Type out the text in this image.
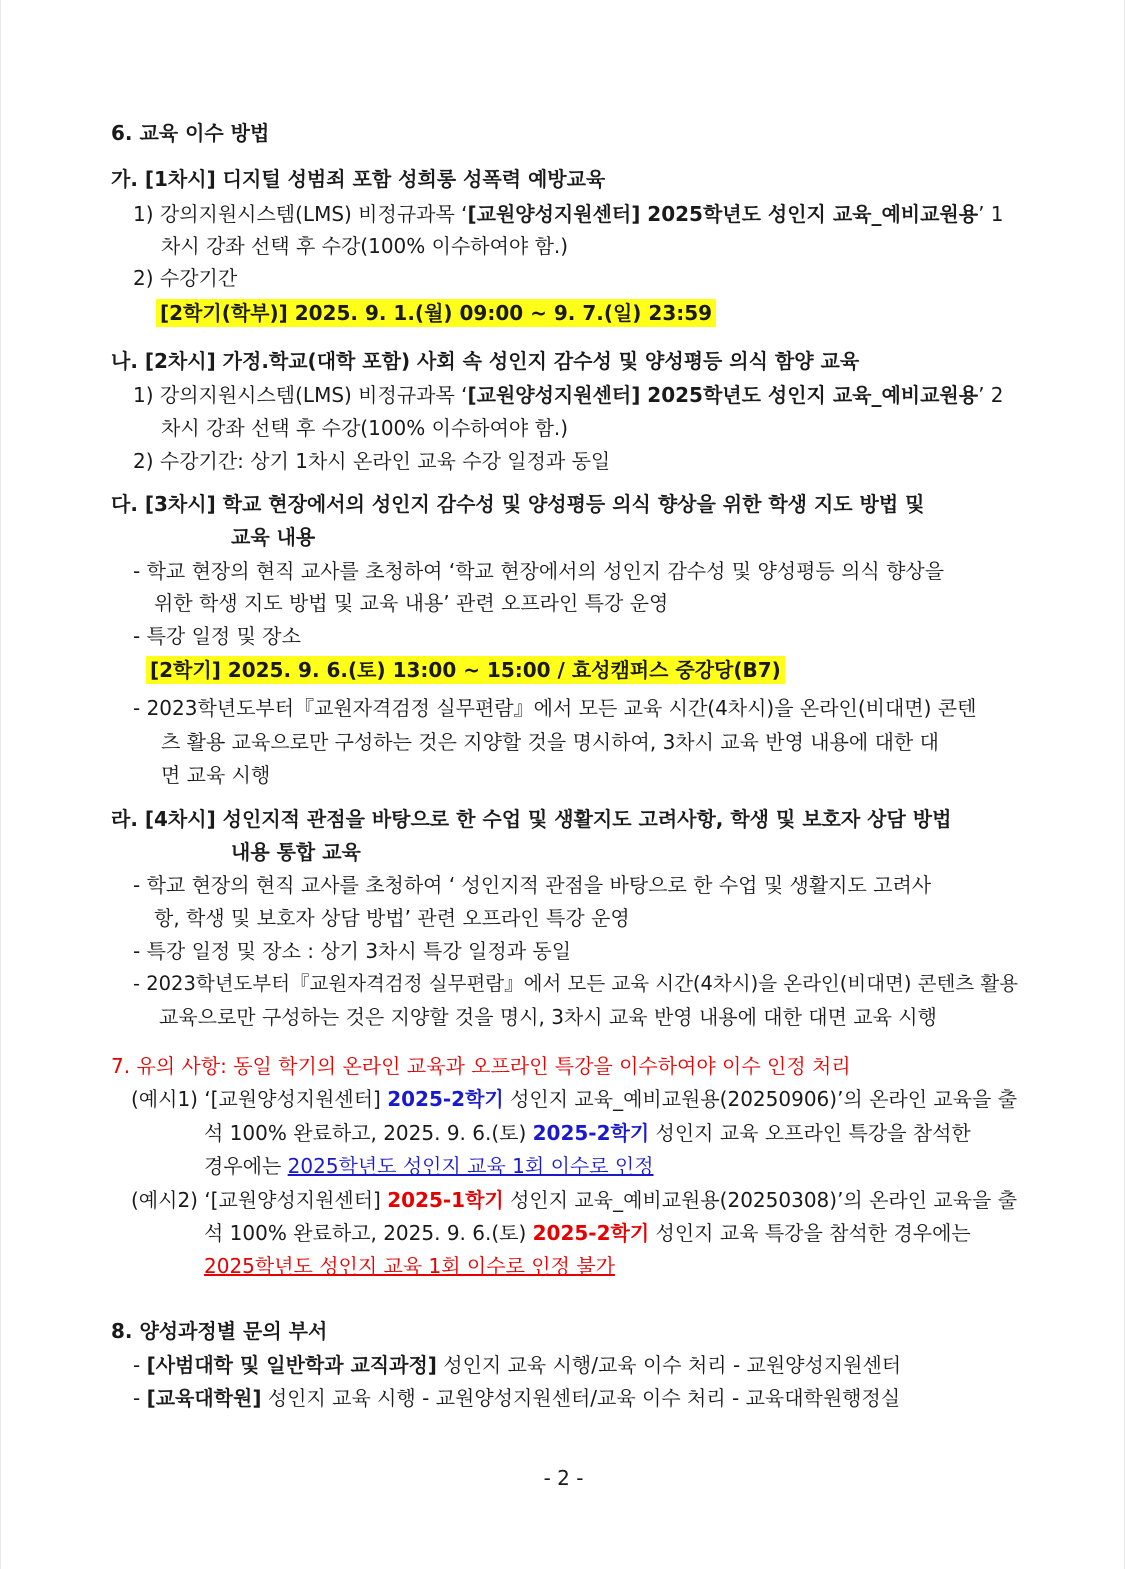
6. 교육 이수 방법
가. [1차시] 디지털 성범죄 포함 성희롱 성폭력 예방교육
1) 강의지원시스템(LMS) 비정규과목 ‘[교원양성지원센터] 2025학년도 성인지 교육_예비교원용’ 1
차시 강좌 선택 후 수강(100% 이수하여야 함.)
2) 수강기간
[2학기(학부)] 2025. 9. 1.(월) 09:00 ~ 9. 7.(일) 23:59
나. [2차시] 가정.학교(대학 포함) 사회 속 성인지 감수성 및 양성평등 의식 함양 교육
1) 강의지원시스템(LMS) 비정규과목 ‘[교원양성지원센터] 2025학년도 성인지 교육_예비교원용’ 2
차시 강좌 선택 후 수강(100% 이수하여야 함.)
2) 수강기간: 상기 1차시 온라인 교육 수강 일정과 동일
다. [3차시] 학교 현장에서의 성인지 감수성 및 양성평등 의식 향상을 위한 학생 지도 방법 및
교육 내용
- 학교 현장의 현직 교사를 초청하여 ‘학교 현장에서의 성인지 감수성 및 양성평등 의식 향상을
위한 학생 지도 방법 및 교육 내용’ 관련 오프라인 특강 운영
- 특강 일정 및 장소
[2학기] 2025. 9. 6.(토) 13:00 ~ 15:00 / 효성캠퍼스 중강당(B7)
- 2023학년도부터『교원자격검정 실무편람』에서 모든 교육 시간(4차시)을 온라인(비대면) 콘텐
츠 활용 교육으로만 구성하는 것은 지양할 것을 명시하여, 3차시 교육 반영 내용에 대한 대
면 교육 시행
라. [4차시] 성인지적 관점을 바탕으로 한 수업 및 생활지도 고려사항, 학생 및 보호자 상담 방법
내용 통합 교육
- 학교 현장의 현직 교사를 초청하여 ‘ 성인지적 관점을 바탕으로 한 수업 및 생활지도 고려사
항, 학생 및 보호자 상담 방법’ 관련 오프라인 특강 운영
- 특강 일정 및 장소 : 상기 3차시 특강 일정과 동일
- 2023학년도부터『교원자격검정 실무편람』에서 모든 교육 시간(4차시)을 온라인(비대면) 콘텐츠 활용
교육으로만 구성하는 것은 지양할 것을 명시, 3차시 교육 반영 내용에 대한 대면 교육 시행
7. 유의 사항: 동일 학기의 온라인 교육과 오프라인 특강을 이수하여야 이수 인정 처리
(예시1) ‘[교원양성지원센터] 2025-2학기 성인지 교육_예비교원용(20250906)’의 온라인 교육을 출
석 100% 완료하고, 2025. 9. 6.(토) 2025-2학기 성인지 교육 오프라인 특강을 참석한
경우에는 2025학년도 성인지 교육 1회 이수로 인정
(예시2) ‘[교원양성지원센터] 2025-1학기 성인지 교육_예비교원용(20250308)’의 온라인 교육을 출
석 100% 완료하고, 2025. 9. 6.(토) 2025-2학기 성인지 교육 특강을 참석한 경우에는
2025학년도 성인지 교육 1회 이수로 인정 불가
8. 양성과정별 문의 부서
- [사범대학 및 일반학과 교직과정] 성인지 교육 시행/교육 이수 처리 - 교원양성지원센터
- [교육대학원] 성인지 교육 시행 - 교원양성지원센터/교육 이수 처리 - 교육대학원행정실
- 2 -
